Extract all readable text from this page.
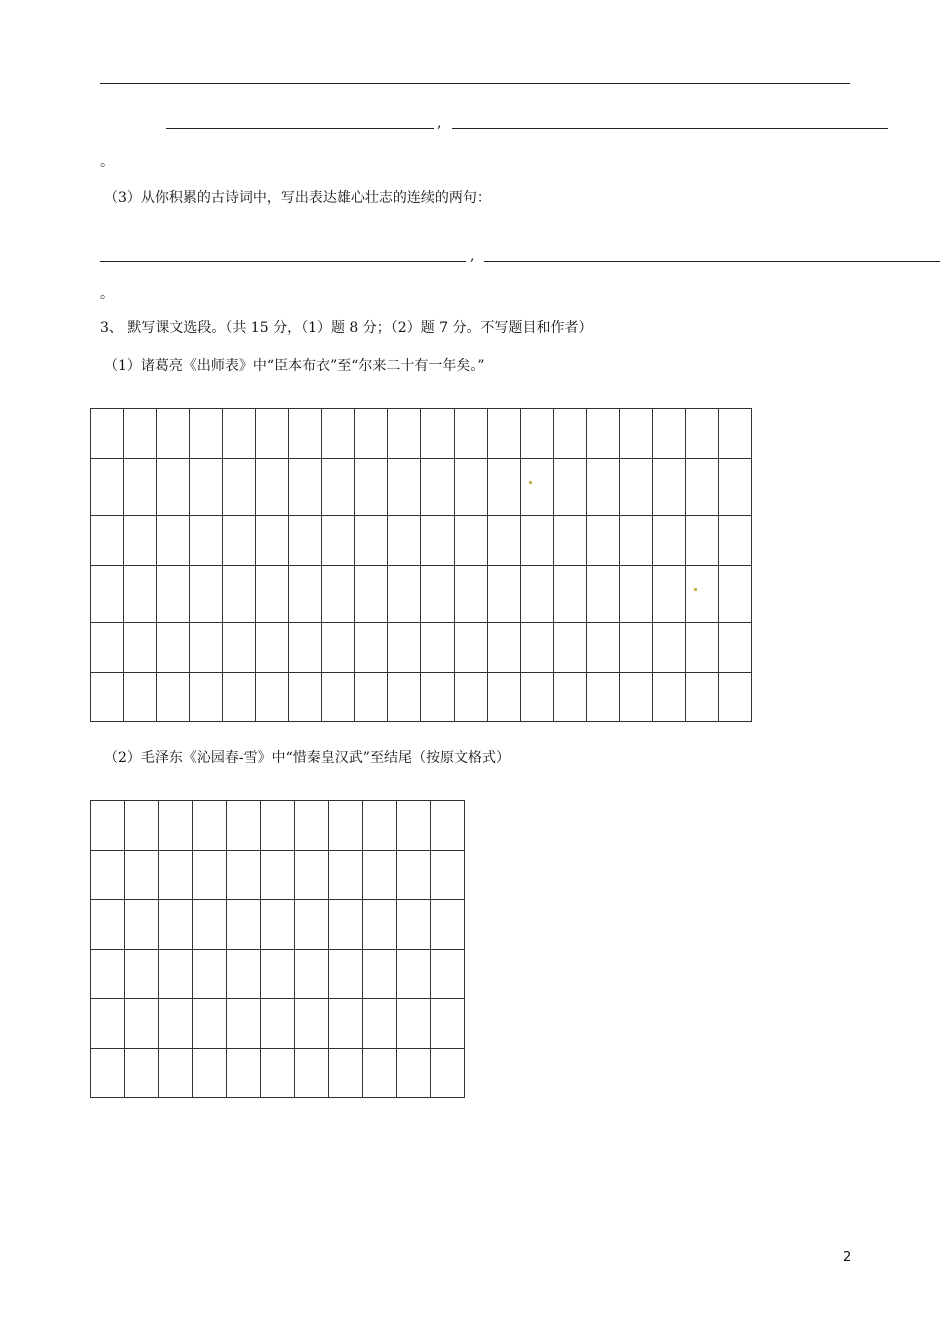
,
。
（3）从你积累的古诗词中，写出表达雄心壮志的连续的两句：
,
。
3、 默写课文选段。（共 15 分，（1）题 8 分；（2）题 7 分。不写题目和作者）
（1）诸葛亮《出师表》中“臣本布衣”至“尔来二十有一年矣。”

（2）毛泽东《沁园春-雪》中“惜秦皇汉武”至结尾（按原文格式）

2
